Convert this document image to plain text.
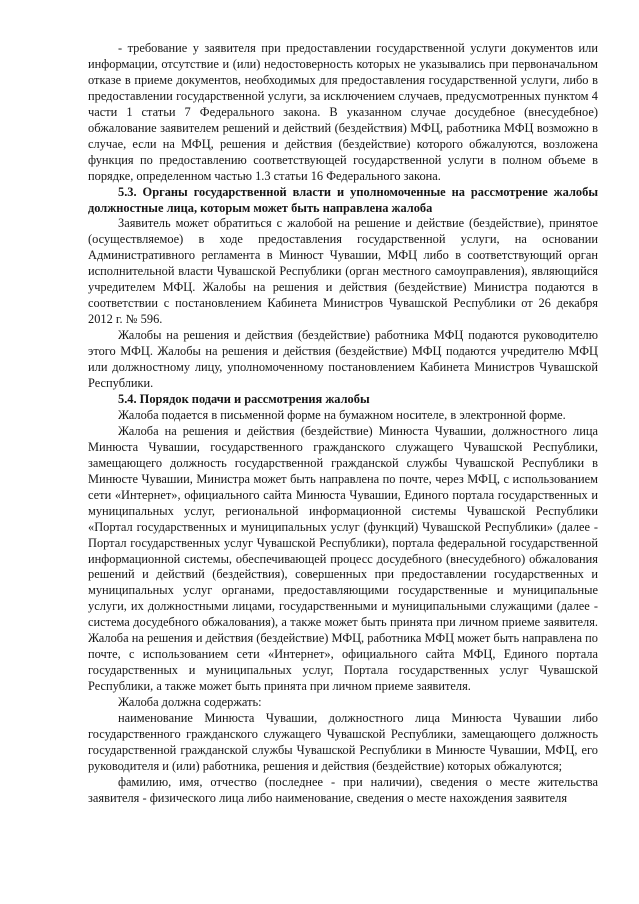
- требование у заявителя при предоставлении государственной услуги документов или информации, отсутствие и (или) недостоверность которых не указывались при первоначальном отказе в приеме документов, необходимых для предоставления государственной услуги, либо в предоставлении государственной услуги, за исключением случаев, предусмотренных пунктом 4 части 1 статьи 7 Федерального закона. В указанном случае досудебное (внесудебное) обжалование заявителем решений и действий (бездействия) МФЦ, работника МФЦ возможно в случае, если на МФЦ, решения и действия (бездействие) которого обжалуются, возложена функция по предоставлению соответствующей государственной услуги в полном объеме в порядке, определенном частью 1.3 статьи 16 Федерального закона.

5.3. Органы государственной власти и уполномоченные на рассмотрение жалобы должностные лица, которым может быть направлена жалоба

Заявитель может обратиться с жалобой на решение и действие (бездействие), принятое (осуществляемое) в ходе предоставления государственной услуги, на основании Административного регламента в Минюст Чувашии, МФЦ либо в соответствующий орган исполнительной власти Чувашской Республики (орган местного самоуправления), являющийся учредителем МФЦ. Жалобы на решения и действия (бездействие) Министра подаются в соответствии с постановлением Кабинета Министров Чувашской Республики от 26 декабря 2012 г. № 596.

Жалобы на решения и действия (бездействие) работника МФЦ подаются руководителю этого МФЦ. Жалобы на решения и действия (бездействие) МФЦ подаются учредителю МФЦ или должностному лицу, уполномоченному постановлением Кабинета Министров Чувашской Республики.

5.4. Порядок подачи и рассмотрения жалобы

Жалоба подается в письменной форме на бумажном носителе, в электронной форме.

Жалоба на решения и действия (бездействие) Минюста Чувашии, должностного лица Минюста Чувашии, государственного гражданского служащего Чувашской Республики, замещающего должность государственной гражданской службы Чувашской Республики в Минюсте Чувашии, Министра может быть направлена по почте, через МФЦ, с использованием сети «Интернет», официального сайта Минюста Чувашии, Единого портала государственных и муниципальных услуг, региональной информационной системы Чувашской Республики «Портал государственных и муниципальных услуг (функций) Чувашской Республики» (далее - Портал государственных услуг Чувашской Республики), портала федеральной государственной информационной системы, обеспечивающей процесс досудебного (внесудебного) обжалования решений и действий (бездействия), совершенных при предоставлении государственных и муниципальных услуг органами, предоставляющими государственные и муниципальные услуги, их должностными лицами, государственными и муниципальными служащими (далее - система досудебного обжалования), а также может быть принята при личном приеме заявителя. Жалоба на решения и действия (бездействие) МФЦ, работника МФЦ может быть направлена по почте, с использованием сети «Интернет», официального сайта МФЦ, Единого портала государственных и муниципальных услуг, Портала государственных услуг Чувашской Республики, а также может быть принята при личном приеме заявителя.

Жалоба должна содержать:

наименование Минюста Чувашии, должностного лица Минюста Чувашии либо государственного гражданского служащего Чувашской Республики, замещающего должность государственной гражданской службы Чувашской Республики в Минюсте Чувашии, МФЦ, его руководителя и (или) работника, решения и действия (бездействие) которых обжалуются;

фамилию, имя, отчество (последнее - при наличии), сведения о месте жительства заявителя - физического лица либо наименование, сведения о месте нахождения заявителя
